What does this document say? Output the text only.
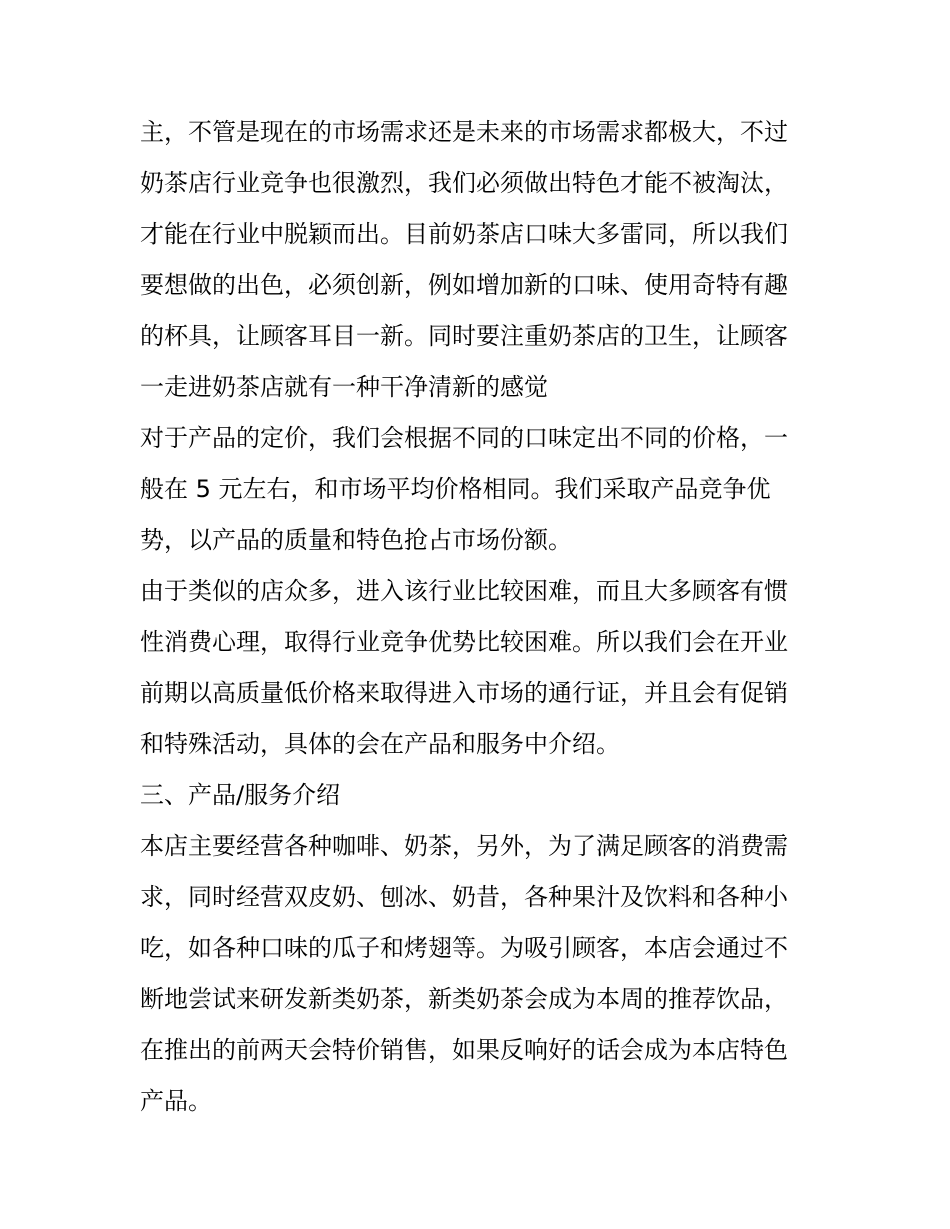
主，不管是现在的市场需求还是未来的市场需求都极大，不过
奶茶店行业竞争也很激烈，我们必须做出特色才能不被淘汰，
才能在行业中脱颖而出。目前奶茶店口味大多雷同，所以我们
要想做的出色，必须创新，例如增加新的口味、使用奇特有趣
的杯具，让顾客耳目一新。同时要注重奶茶店的卫生，让顾客
一走进奶茶店就有一种干净清新的感觉
对于产品的定价，我们会根据不同的口味定出不同的价格，一
般在 5 元左右，和市场平均价格相同。我们采取产品竞争优
势，以产品的质量和特色抢占市场份额。
由于类似的店众多，进入该行业比较困难，而且大多顾客有惯
性消费心理，取得行业竞争优势比较困难。所以我们会在开业
前期以高质量低价格来取得进入市场的通行证，并且会有促销
和特殊活动，具体的会在产品和服务中介绍。
三、产品/服务介绍
本店主要经营各种咖啡、奶茶，另外，为了满足顾客的消费需
求，同时经营双皮奶、刨冰、奶昔，各种果汁及饮料和各种小
吃，如各种口味的瓜子和烤翅等。为吸引顾客，本店会通过不
断地尝试来研发新类奶茶，新类奶茶会成为本周的推荐饮品，
在推出的前两天会特价销售，如果反响好的话会成为本店特色
产品。
